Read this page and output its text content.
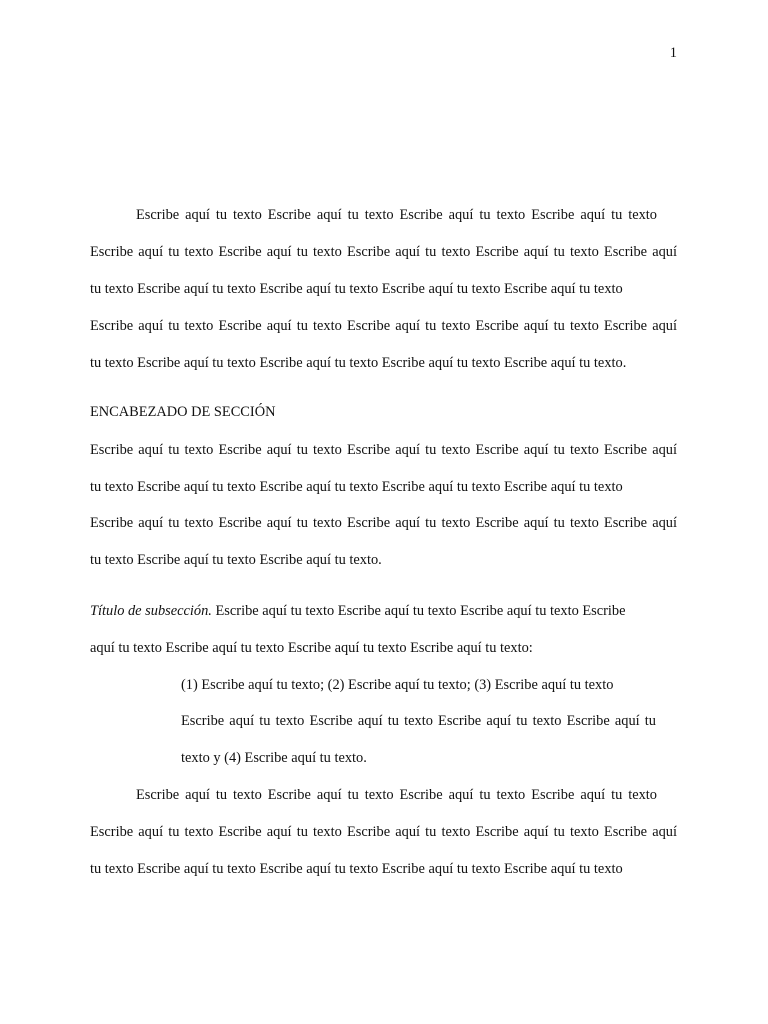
1
Escribe aquí tu texto Escribe aquí tu texto Escribe aquí tu texto Escribe aquí tu texto
Escribe aquí tu texto Escribe aquí tu texto Escribe aquí tu texto Escribe aquí tu texto Escribe aquí
tu texto Escribe aquí tu texto Escribe aquí tu texto Escribe aquí tu texto Escribe aquí tu texto
Escribe aquí tu texto Escribe aquí tu texto Escribe aquí tu texto Escribe aquí tu texto Escribe aquí
tu texto Escribe aquí tu texto Escribe aquí tu texto Escribe aquí tu texto Escribe aquí tu texto.
ENCABEZADO DE SECCIÓN
Escribe aquí tu texto Escribe aquí tu texto Escribe aquí tu texto Escribe aquí tu texto Escribe aquí
tu texto Escribe aquí tu texto Escribe aquí tu texto Escribe aquí tu texto Escribe aquí tu texto
Escribe aquí tu texto Escribe aquí tu texto Escribe aquí tu texto Escribe aquí tu texto Escribe aquí
tu texto Escribe aquí tu texto Escribe aquí tu texto.
Título de subsección. Escribe aquí tu texto Escribe aquí tu texto Escribe aquí tu texto Escribe
aquí tu texto Escribe aquí tu texto Escribe aquí tu texto Escribe aquí tu texto:
(1) Escribe aquí tu texto; (2) Escribe aquí tu texto; (3) Escribe aquí tu texto
Escribe aquí tu texto Escribe aquí tu texto Escribe aquí tu texto Escribe aquí tu
texto y (4) Escribe aquí tu texto.
Escribe aquí tu texto Escribe aquí tu texto Escribe aquí tu texto Escribe aquí tu texto
Escribe aquí tu texto Escribe aquí tu texto Escribe aquí tu texto Escribe aquí tu texto Escribe aquí
tu texto Escribe aquí tu texto Escribe aquí tu texto Escribe aquí tu texto Escribe aquí tu texto
